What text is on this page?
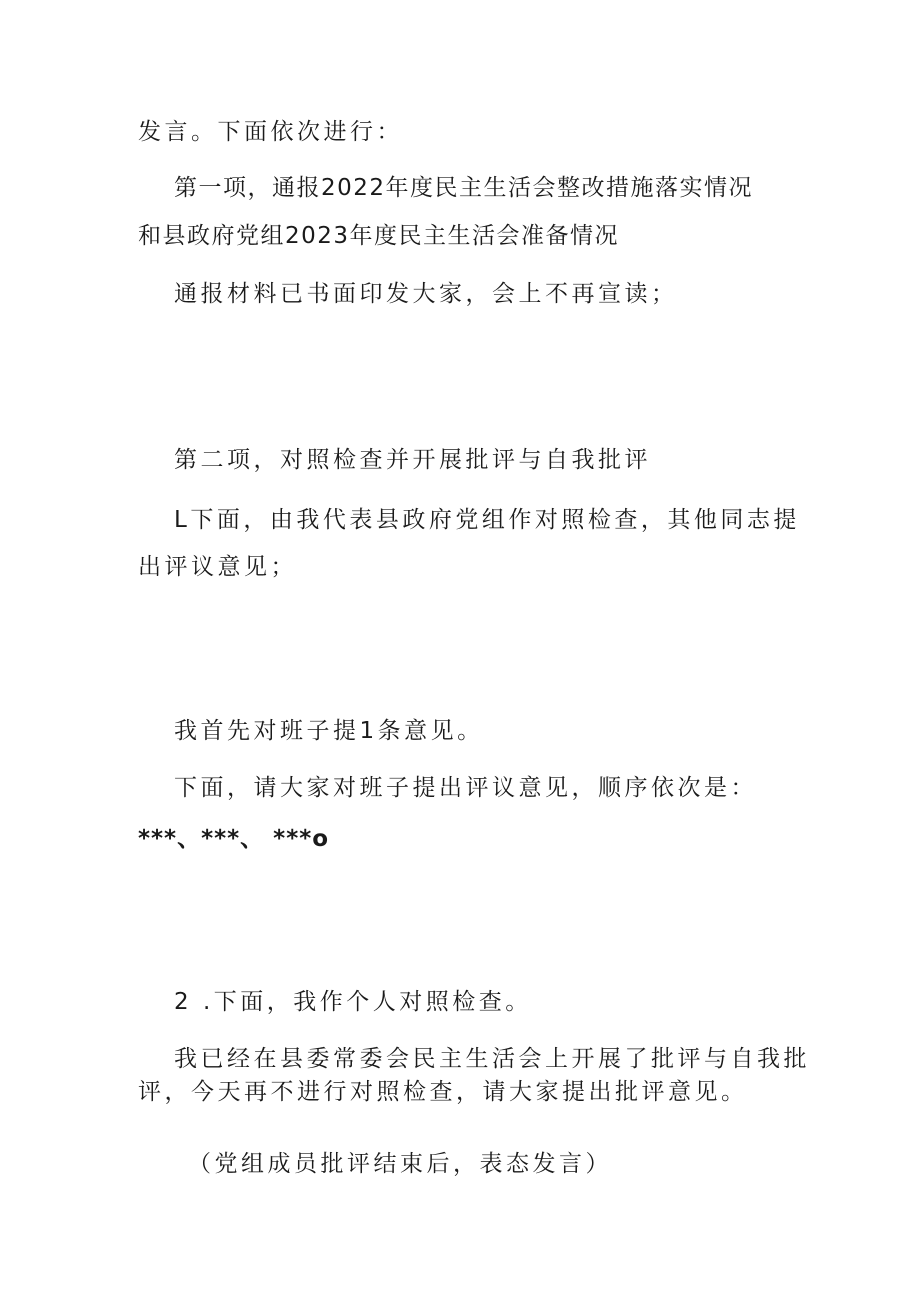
发言。下面依次进行：

第一项，通报2022年度民主生活会整改措施落实情况

和县政府党组2023年度民主生活会准备情况

通报材料已书面印发大家，会上不再宣读；

第二项，对照检查并开展批评与自我批评

L下面，由我代表县政府党组作对照检查，其他同志提

出评议意见；

我首先对班子提1条意见。

下面，请大家对班子提出评议意见，顺序依次是：

***、***、 ***o

2 .下面，我作个人对照检查。

我已经在县委常委会民主生活会上开展了批评与自我批

评，今天再不进行对照检查，请大家提出批评意见。

（党组成员批评结束后，表态发言）
